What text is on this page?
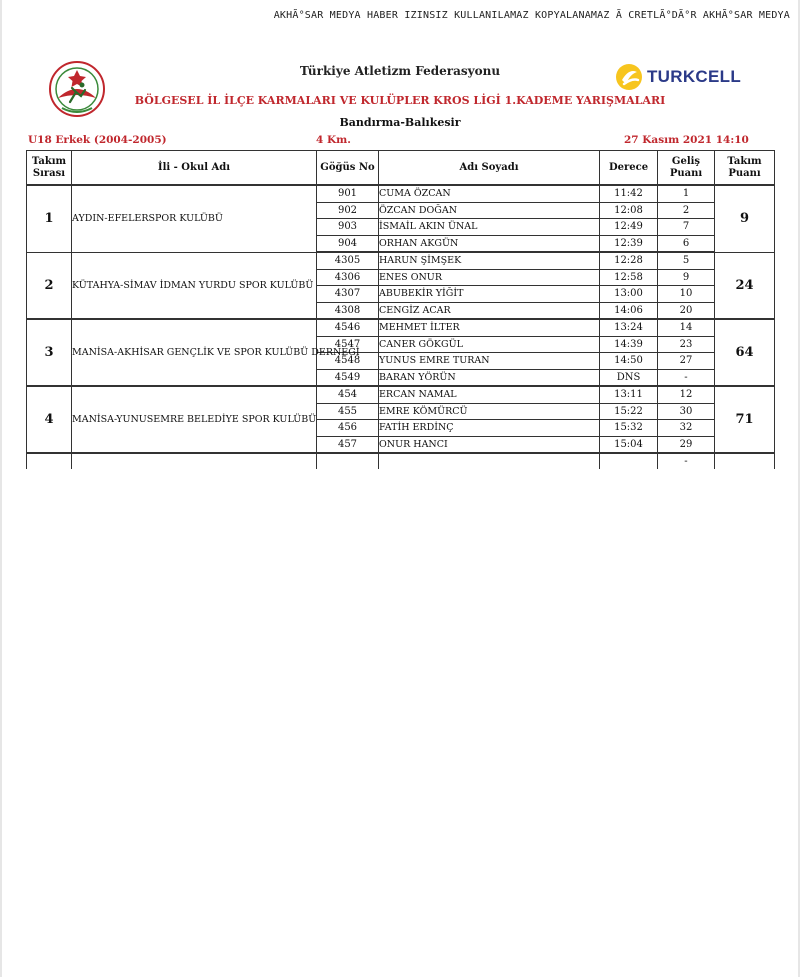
AKHÃ°SAR MEDYA HABER IZINSIZ KULLANILAMAZ KOPYALANAMAZ Ã CRETLÃ°DÃ°R AKHÃ°SAR MEDYA
Türkiye Atletizm Federasyonu	TURKCELL
BÖLGESEL İL İLÇE KARMALARI VE KULÜPLER KROS LİGİ 1.KADEME YARIŞMALARI
Bandırma-Balıkesir
U18 Erkek (2004-2005)	4 Km.	27 Kasım 2021 14:10
Takım Sırası	İli - Okul Adı	Göğüs No	Adı Soyadı	Derece	Geliş Puanı	Takım Puanı
1	AYDIN-EFELERSPOR KULÜBÜ	901	CUMA ÖZCAN	11:42	1	9
		902	ÖZCAN DOĞAN	12:08	2	
		903	İSMAİL AKIN ÜNAL	12:49	7	
		904	ORHAN AKGÜN	12:39	6	
2	KÜTAHYA-SİMAV İDMAN YURDU SPOR KULÜBÜ	4305	HARUN ŞİMŞEK	12:28	5	24
		4306	ENES ONUR	12:58	9	
		4307	ABUBEKİR YİĞİT	13:00	10	
		4308	CENGİZ ACAR	14:06	20	
3	MANİSA-AKHİSAR GENÇLİK VE SPOR KULÜBÜ DERNEĞİ	4546	MEHMET İLTER	13:24	14	64
		4547	CANER GÖKGÜL	14:39	23	
		4548	YUNUS EMRE TURAN	14:50	27	
		4549	BARAN YÖRÜN	DNS	-	
4	MANİSA-YUNUSEMRE BELEDİYE SPOR KULÜBÜ	454	ERCAN NAMAL	13:11	12	71
		455	EMRE KÖMÜRCÜ	15:22	30	
		456	FATİH ERDİNÇ	15:32	32	
		457	ONUR HANCI	15:04	29	
					-	
